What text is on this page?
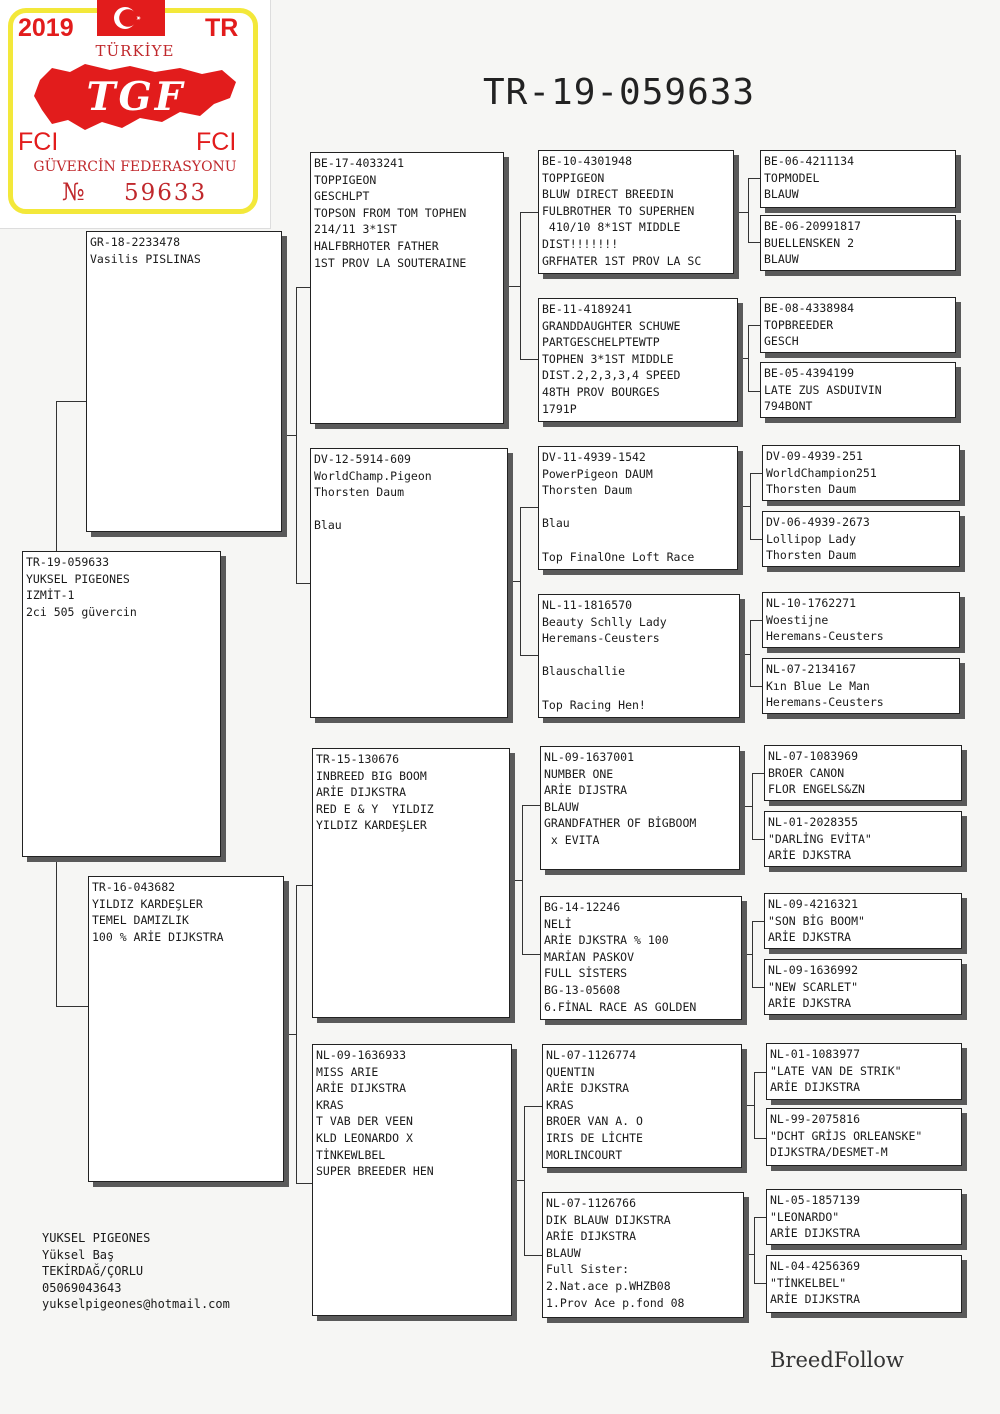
TR-19-059633
TR-19-059633
YUKSEL PIGEONES
IZMİT-1
2ci 505 güvercin
GR-18-2233478
Vasilis PISLINAS
TR-16-043682
YILDIZ KARDEŞLER
TEMEL DAMIZLIK
100 % ARİE DIJKSTRA
BE-17-4033241
TOPPIGEON
GESCHLPT
TOPSON FROM TOM TOPHEN
214/11 3*1ST
HALFBRHOTER FATHER
1ST PROV LA SOUTERAINE
DV-12-5914-609
WorldChamp.Pigeon
Thorsten Daum
Blau
TR-15-130676
INBREED BIG BOOM
ARİE DIJKSTRA
RED E & Y  YILDIZ
YILDIZ KARDEŞLER
NL-09-1636933
MISS ARIE
ARİE DIJKSTRA
KRAS
T VAB DER VEEN
KLD LEONARDO X
TİNKEWLBEL
SUPER BREEDER HEN
BE-10-4301948
TOPPIGEON
BLUW DIRECT BREEDIN
FULBROTHER TO SUPERHEN
410/10 8*1ST MIDDLE
DIST!!!!!!!
GRFHATER 1ST PROV LA SC
BE-11-4189241
GRANDDAUGHTER SCHUWE
PARTGESCHELPTEWTP
TOPHEN 3*1ST MIDDLE
DIST.2,2,3,3,4 SPEED
48TH PROV BOURGES
1791P
DV-11-4939-1542
PowerPigeon DAUM
Thorsten Daum
Blau
Top FinalOne Loft Race
NL-11-1816570
Beauty Schlly Lady
Heremans-Ceusters
Blauschallie
Top Racing Hen!
NL-09-1637001
NUMBER ONE
ARİE DIJSTRA
BLAUW
GRANDFATHER OF BİGBOOM
x EVITA
BG-14-12246
NELİ
ARİE DJKSTRA % 100
MARİAN PASKOV
FULL SİSTERS
BG-13-05608
6.FİNAL RACE AS GOLDEN
NL-07-1126774
QUENTIN
ARİE DJKSTRA
KRAS
BROER VAN A. O
IRIS DE LİCHTE
MORLINCOURT
NL-07-1126766
DIK BLAUW DIJKSTRA
ARİE DIJKSTRA
BLAUW
Full Sister:
2.Nat.ace p.WHZB08
1.Prov Ace p.fond 08
BE-06-4211134
TOPMODEL
BLAUW
BE-06-20991817
BUELLENSKEN 2
BLAUW
BE-08-4338984
TOPBREEDER
GESCH
BE-05-4394199
LATE ZUS ASDUIVIN
794BONT
DV-09-4939-251
WorldChampion251
Thorsten Daum
DV-06-4939-2673
Lollipop Lady
Thorsten Daum
NL-10-1762271
Woestijne
Heremans-Ceusters
NL-07-2134167
Kın Blue Le Man
Heremans-Ceusters
NL-07-1083969
BROER CANON
FLOR ENGELS&ZN
NL-01-2028355
"DARLİNG EVİTA"
ARİE DJKSTRA
NL-09-4216321
"SON BİG BOOM"
ARİE DJKSTRA
NL-09-1636992
"NEW SCARLET"
ARİE DJKSTRA
NL-01-1083977
"LATE VAN DE STRIK"
ARİE DIJKSTRA
NL-99-2075816
"DCHT GRİJS ORLEANSKE"
DIJKSTRA/DESMET-M
NL-05-1857139
"LEONARDO"
ARİE DIJKSTRA
NL-04-4256369
"TİNKELBEL"
ARİE DIJKSTRA
YUKSEL PIGEONES
Yüksel Baş
TEKİRDAĞ/ÇORLU
05069043643
yukselpigeones@hotmail.com
BreedFollow
2019	TR
TÜRKİYE
TGF
FCI	FCI
GÜVERCİN FEDERASYONU
№ 59633
